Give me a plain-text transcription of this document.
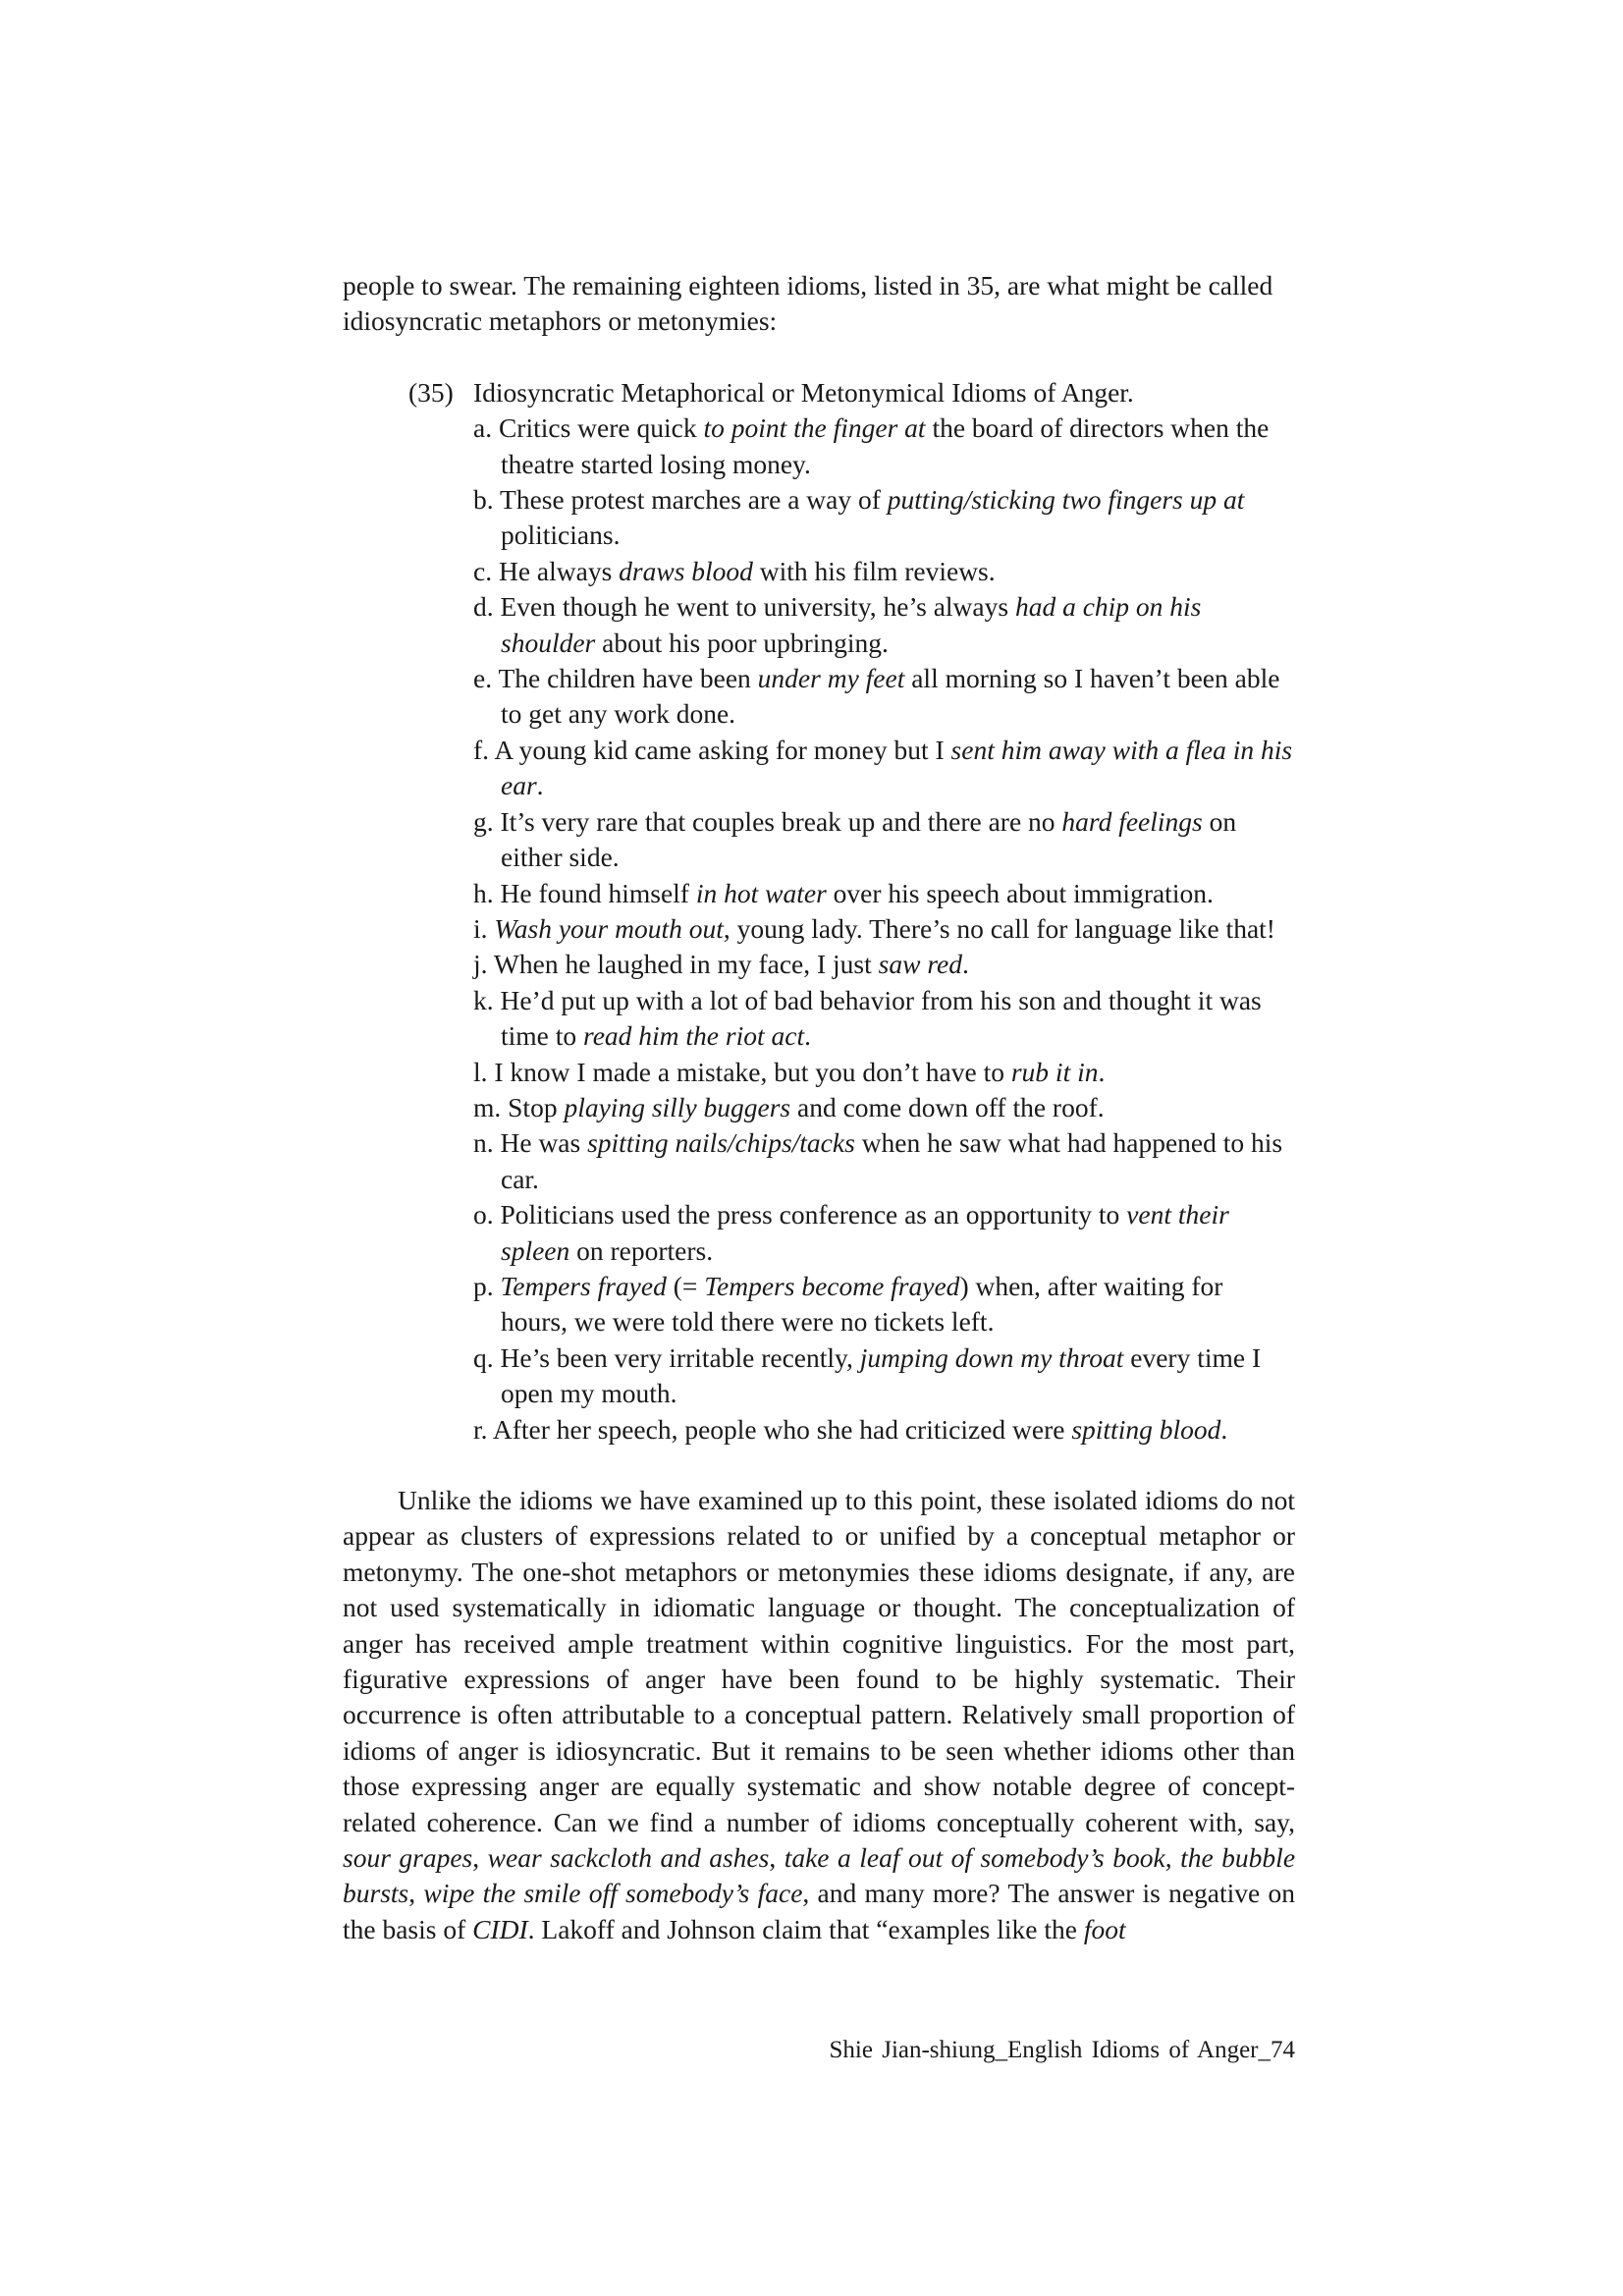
people to swear. The remaining eighteen idioms, listed in 35, are what might be called idiosyncratic metaphors or metonymies:

(35) Idiosyncratic Metaphorical or Metonymical Idioms of Anger.

a. Critics were quick to point the finger at the board of directors when the theatre started losing money.
b. These protest marches are a way of putting/sticking two fingers up at politicians.
c. He always draws blood with his film reviews.
d. Even though he went to university, he’s always had a chip on his shoulder about his poor upbringing.
e. The children have been under my feet all morning so I haven’t been able to get any work done.
f. A young kid came asking for money but I sent him away with a flea in his ear.
g. It’s very rare that couples break up and there are no hard feelings on either side.
h. He found himself in hot water over his speech about immigration.
i. Wash your mouth out, young lady. There’s no call for language like that!
j. When he laughed in my face, I just saw red.
k. He’d put up with a lot of bad behavior from his son and thought it was time to read him the riot act.
l. I know I made a mistake, but you don’t have to rub it in.
m. Stop playing silly buggers and come down off the roof.
n. He was spitting nails/chips/tacks when he saw what had happened to his car.
o. Politicians used the press conference as an opportunity to vent their spleen on reporters.
p. Tempers frayed (= Tempers become frayed) when, after waiting for hours, we were told there were no tickets left.
q. He’s been very irritable recently, jumping down my throat every time I open my mouth.
r. After her speech, people who she had criticized were spitting blood.

Unlike the idioms we have examined up to this point, these isolated idioms do not appear as clusters of expressions related to or unified by a conceptual metaphor or metonymy. The one-shot metaphors or metonymies these idioms designate, if any, are not used systematically in idiomatic language or thought. The conceptualization of anger has received ample treatment within cognitive linguistics. For the most part, figurative expressions of anger have been found to be highly systematic. Their occurrence is often attributable to a conceptual pattern. Relatively small proportion of idioms of anger is idiosyncratic. But it remains to be seen whether idioms other than those expressing anger are equally systematic and show notable degree of concept-related coherence. Can we find a number of idioms conceptually coherent with, say, sour grapes, wear sackcloth and ashes, take a leaf out of somebody’s book, the bubble bursts, wipe the smile off somebody’s face, and many more? The answer is negative on the basis of CIDI. Lakoff and Johnson claim that “examples like the foot

Shie Jian-shiung_English Idioms of Anger_74
